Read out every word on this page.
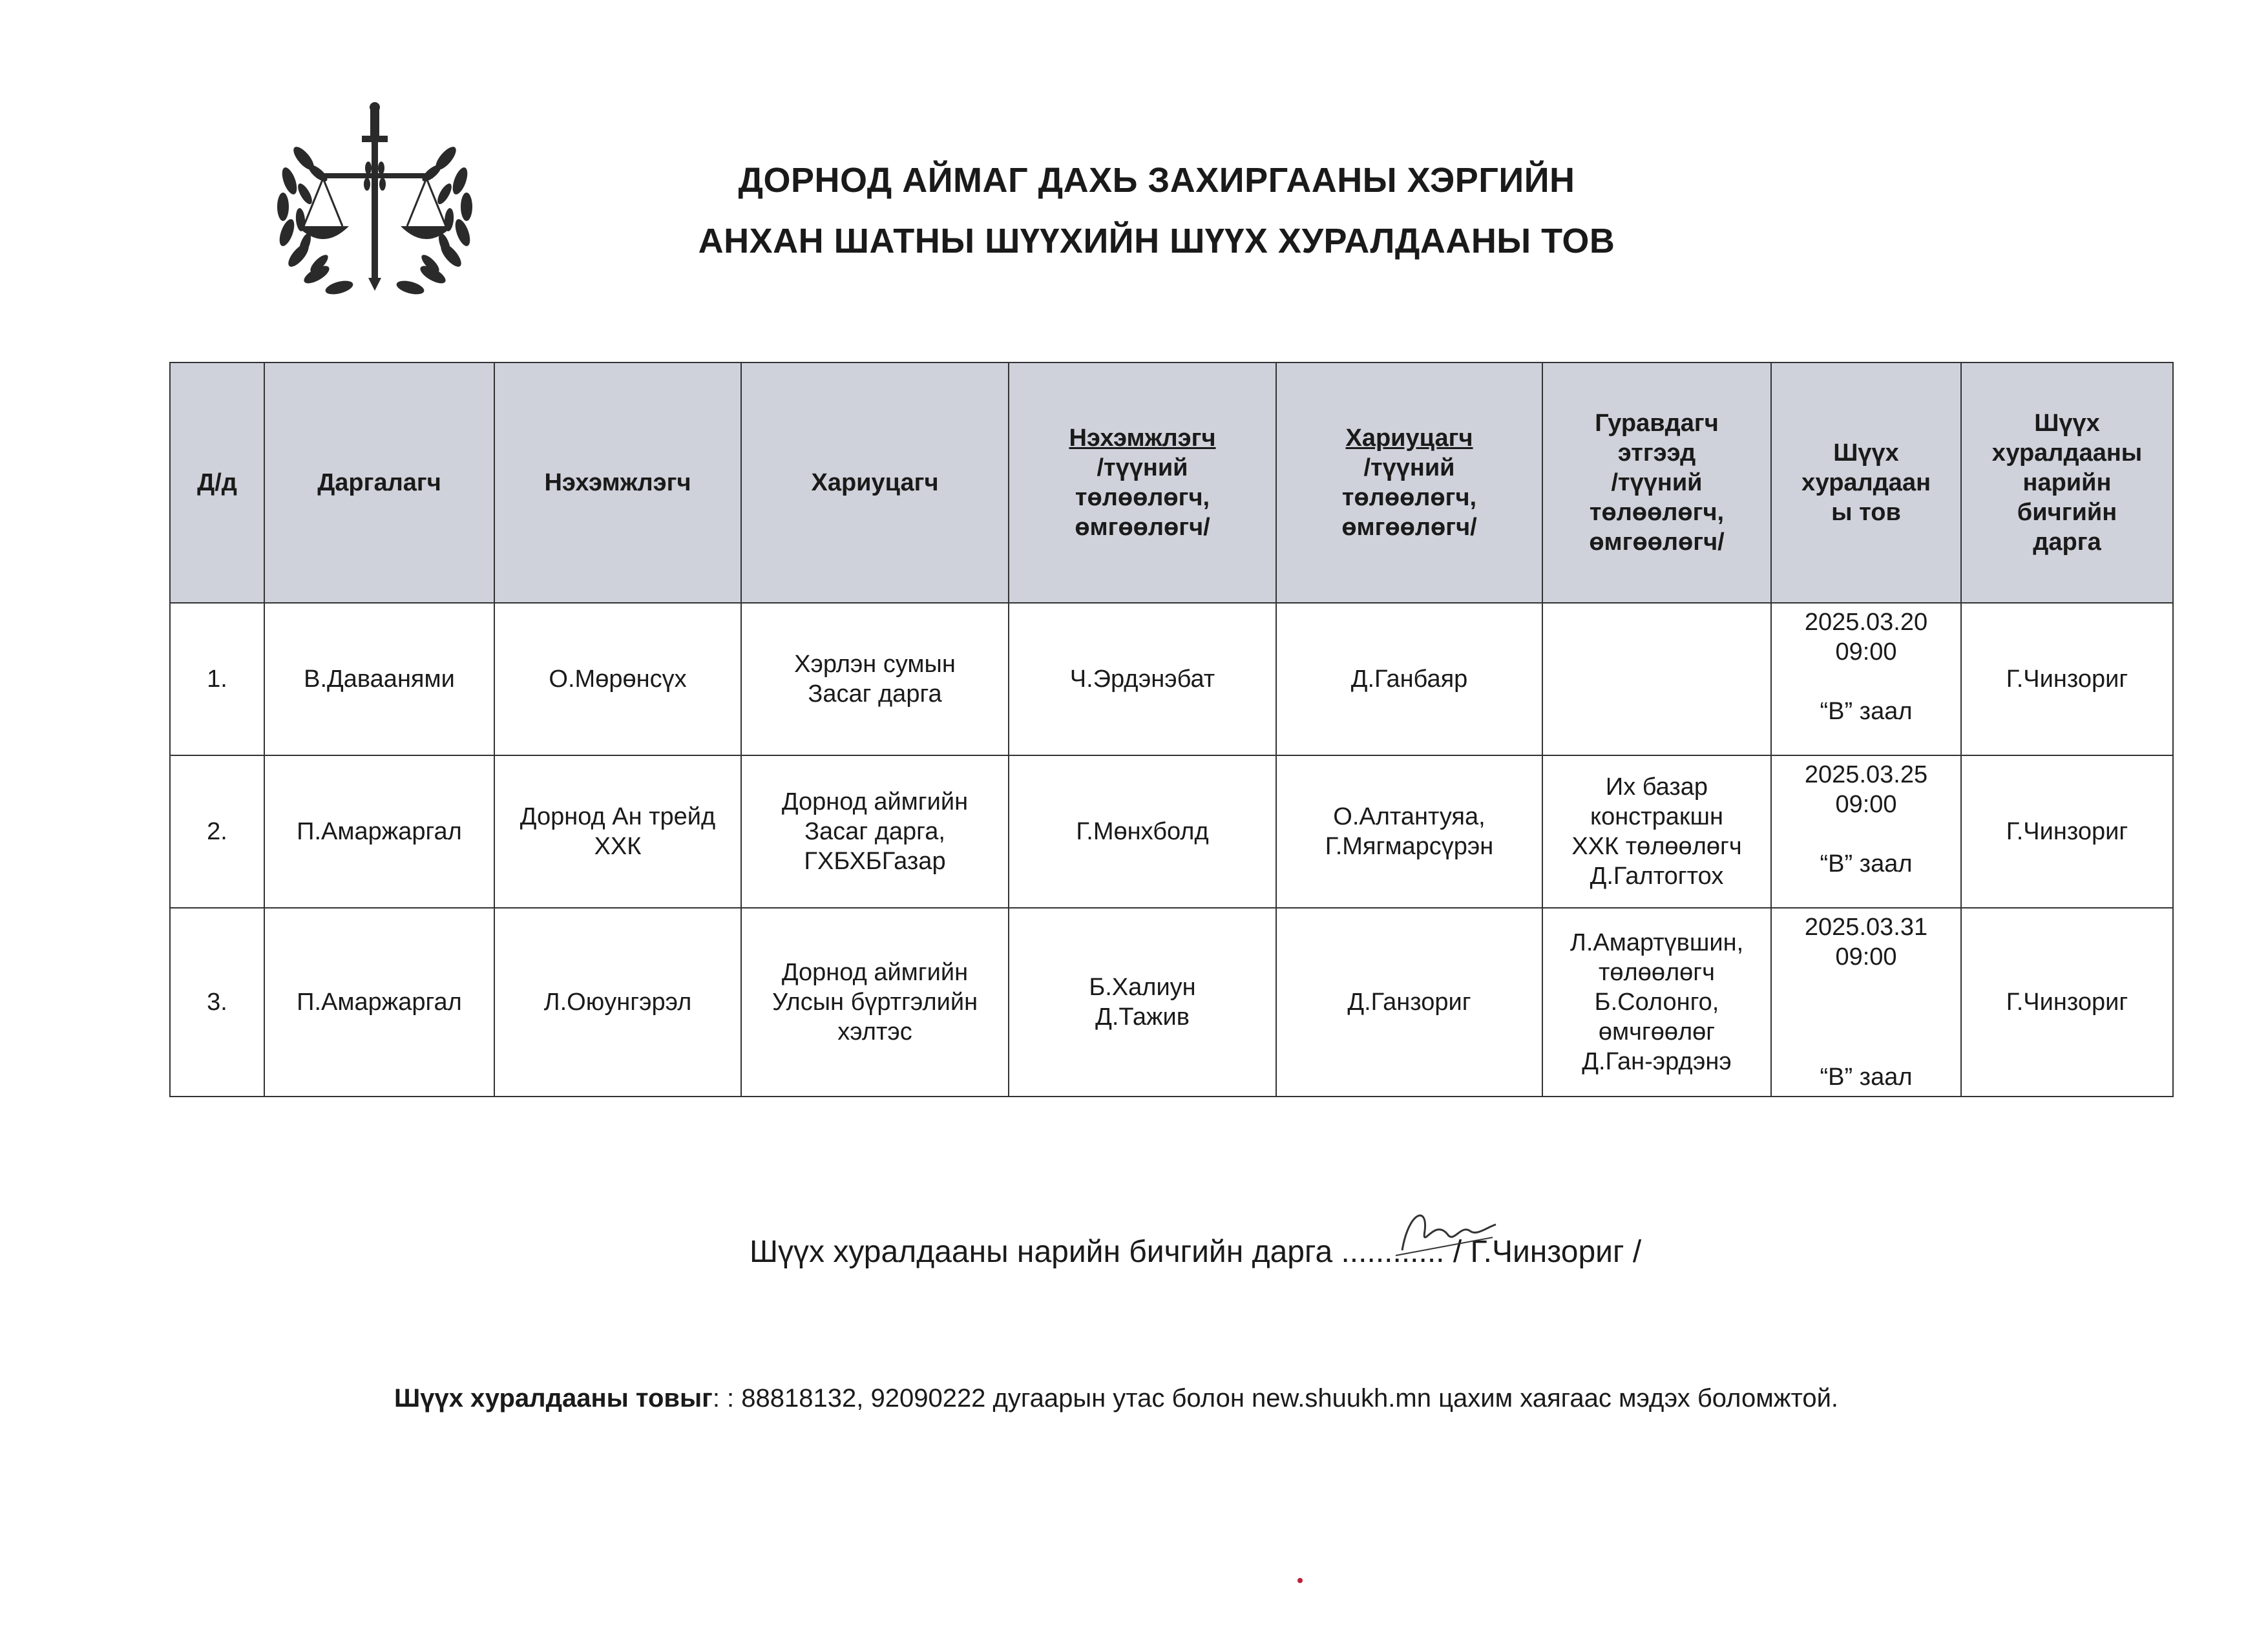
ДОРНОД АЙМАГ ДАХЬ ЗАХИРГААНЫ ХЭРГИЙН
АНХАН ШАТНЫ ШҮҮХИЙН ШҮҮХ ХУРАЛДААНЫ ТОВ
Д/д	Даргалагч	Нэхэмжлэгч	Хариуцагч	Нэхэмжлэгч
/түүний
төлөөлөгч,
өмгөөлөгч/	Хариуцагч
/түүний
төлөөлөгч,
өмгөөлөгч/	Гуравдагч
этгээд
/түүний
төлөөлөгч,
өмгөөлөгч/	Шүүх
хуралдаан
ы тов	Шүүх
хуралдааны
нарийн
бичгийн
дарга

1.	В.Даваанями	О.Мөрөнсүх	Хэрлэн сумын
Засаг дарга	Ч.Эрдэнэбат	Д.Ганбаяр		2025.03.20
09:00
“B” заал	Г.Чинзориг
2.	П.Амаржаргал	Дорнод Ан трейд ХХК	Дорнод аймгийн
Засаг дарга,
ГХБХБГазар	Г.Мөнхболд	О.Алтантуяа,
Г.Мягмарсүрэн	Их базар
констракшн
ХХК төлөөлөгч
Д.Галтогтох	2025.03.25
09:00
“B” заал	Г.Чинзориг
3.	П.Амаржаргал	Л.Оюунгэрэл	Дорнод аймгийн
Улсын бүртгэлийн
хэлтэс	Б.Халиун
Д.Тажив	Д.Ганзориг	Л.Амартүвшин,
төлөөлөгч
Б.Солонго,
өмчгөөлөг
Д.Ган-эрдэнэ	2025.03.31
09:00
“B” заал	Г.Чинзориг
Шүүх хуралдааны нарийн бичгийн дарга ............ / Г.Чинзориг /
Шүүх хуралдааны товыг: : 88818132, 92090222 дугаарын утас болон new.shuukh.mn цахим хаягаас мэдэх боломжтой.
